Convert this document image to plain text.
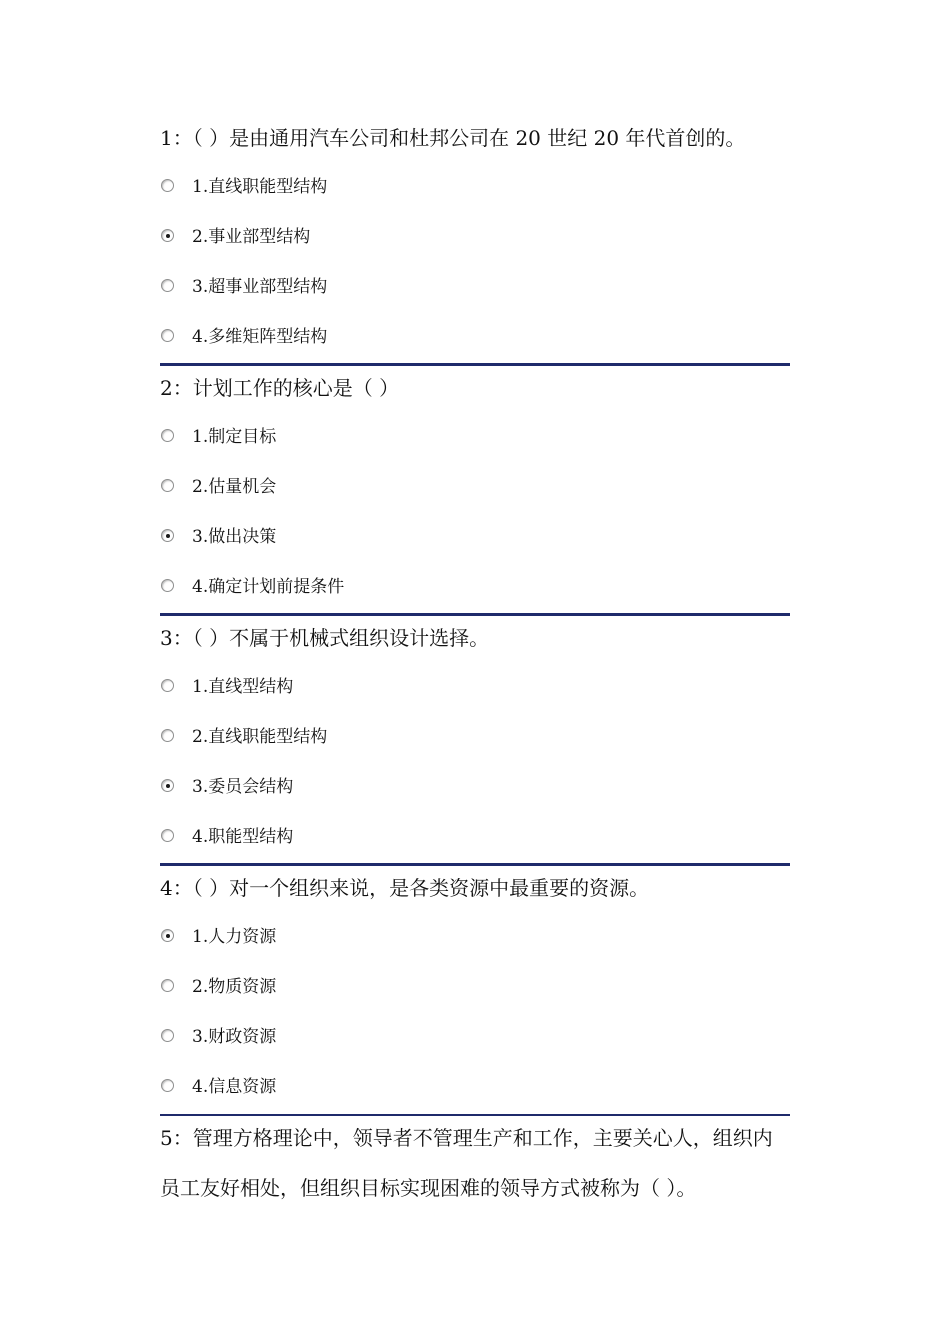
1：（ ）是由通用汽车公司和杜邦公司在 20 世纪 20 年代首创的。
1.直线职能型结构
2.事业部型结构
3.超事业部型结构
4.多维矩阵型结构
2：计划工作的核心是（ ）
1.制定目标
2.估量机会
3.做出决策
4.确定计划前提条件
3：（ ）不属于机械式组织设计选择。
1.直线型结构
2.直线职能型结构
3.委员会结构
4.职能型结构
4：（ ）对一个组织来说，是各类资源中最重要的资源。
1.人力资源
2.物质资源
3.财政资源
4.信息资源
5：管理方格理论中，领导者不管理生产和工作，主要关心人，组织内员工友好相处，但组织目标实现困难的领导方式被称为（ ）。
